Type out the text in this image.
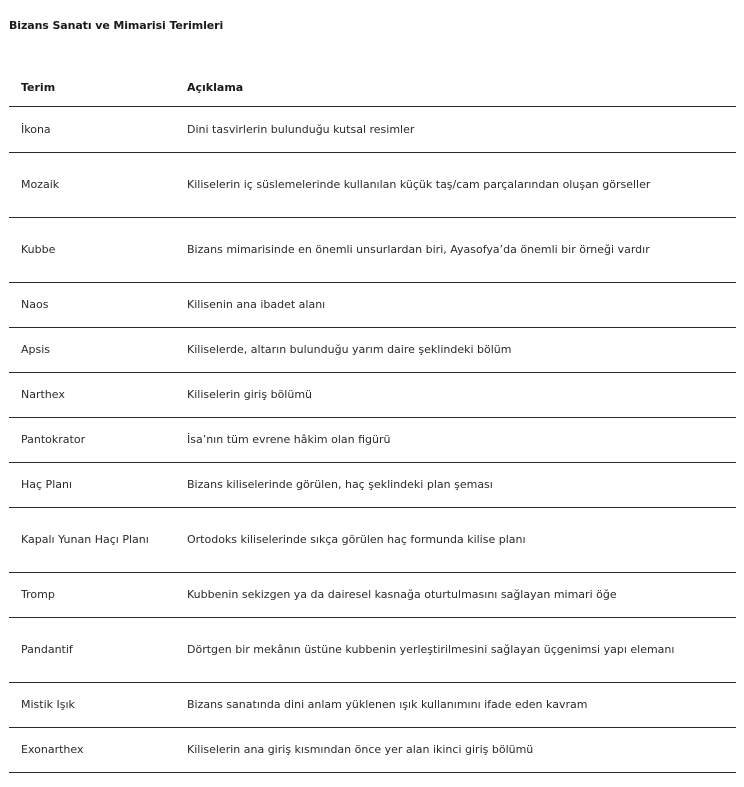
Bizans Sanatı ve Mimarisi Terimleri
Terim	Açıklama
İkona	Dini tasvirlerin bulunduğu kutsal resimler
Mozaik	Kiliselerin iç süslemelerinde kullanılan küçük taş/cam parçalarından oluşan görseller
Kubbe	Bizans mimarisinde en önemli unsurlardan biri, Ayasofya’da önemli bir örneği vardır
Naos	Kilisenin ana ibadet alanı
Apsis	Kiliselerde, altarın bulunduğu yarım daire şeklindeki bölüm
Narthex	Kiliselerin giriş bölümü
Pantokrator	İsa’nın tüm evrene hâkim olan figürü
Haç Planı	Bizans kiliselerinde görülen, haç şeklindeki plan şeması
Kapalı Yunan Haçı Planı	Ortodoks kiliselerinde sıkça görülen haç formunda kilise planı
Tromp	Kubbenin sekizgen ya da dairesel kasnağa oturtulmasını sağlayan mimari öğe
Pandantif	Dörtgen bir mekânın üstüne kubbenin yerleştirilmesini sağlayan üçgenimsi yapı elemanı
Mistik Işık	Bizans sanatında dini anlam yüklenen ışık kullanımını ifade eden kavram
Exonarthex	Kiliselerin ana giriş kısmından önce yer alan ikinci giriş bölümü
